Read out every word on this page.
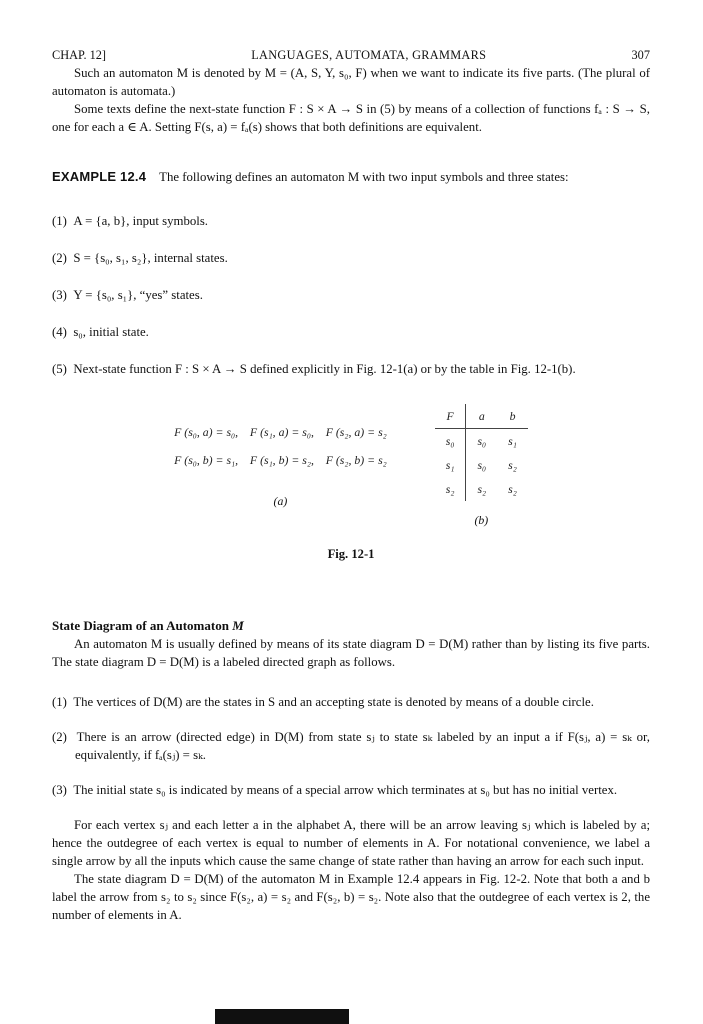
CHAP. 12]	LANGUAGES, AUTOMATA, GRAMMARS	307

Such an automaton M is denoted by M = (A, S, Y, s₀, F) when we want to indicate its five parts. (The plural of automaton is automata.)

Some texts define the next-state function F : S × A → S in (5) by means of a collection of functions fₐ : S → S, one for each a ∈ A. Setting F(s, a) = fₐ(s) shows that both definitions are equivalent.

EXAMPLE 12.4 The following defines an automaton M with two input symbols and three states:
(1) A = {a, b}, input symbols.
(2) S = {s₀, s₁, s₂}, internal states.
(3) Y = {s₀, s₁}, “yes” states.
(4) s₀, initial state.
(5) Next-state function F : S × A → S defined explicitly in Fig. 12-1(a) or by the table in Fig. 12-1(b).
F (s₀, a) = s₀,    F (s₁, a) = s₀,    F (s₂, a) = s₂
F (s₀, b) = s₁,    F (s₁, b) = s₂,    F (s₂, b) = s₂
(a)
F	a	b
s₀	s₀	s₁
s₁	s₀	s₂
s₂	s₂	s₂
(b)
Fig. 12-1
State Diagram of an Automaton M

An automaton M is usually defined by means of its state diagram D = D(M) rather than by listing its five parts. The state diagram D = D(M) is a labeled directed graph as follows.

(1) The vertices of D(M) are the states in S and an accepting state is denoted by means of a double circle.
(2) There is an arrow (directed edge) in D(M) from state sⱼ to state sₖ labeled by an input a if F(sⱼ, a) = sₖ or, equivalently, if fₐ(sⱼ) = sₖ.
(3) The initial state s₀ is indicated by means of a special arrow which terminates at s₀ but has no initial vertex.

For each vertex sⱼ and each letter a in the alphabet A, there will be an arrow leaving sⱼ which is labeled by a; hence the outdegree of each vertex is equal to number of elements in A. For notational convenience, we label a single arrow by all the inputs which cause the same change of state rather than having an arrow for each such input.

The state diagram D = D(M) of the automaton M in Example 12.4 appears in Fig. 12-2. Note that both a and b label the arrow from s₂ to s₂ since F(s₂, a) = s₂ and F(s₂, b) = s₂. Note also that the outdegree of each vertex is 2, the number of elements in A.
